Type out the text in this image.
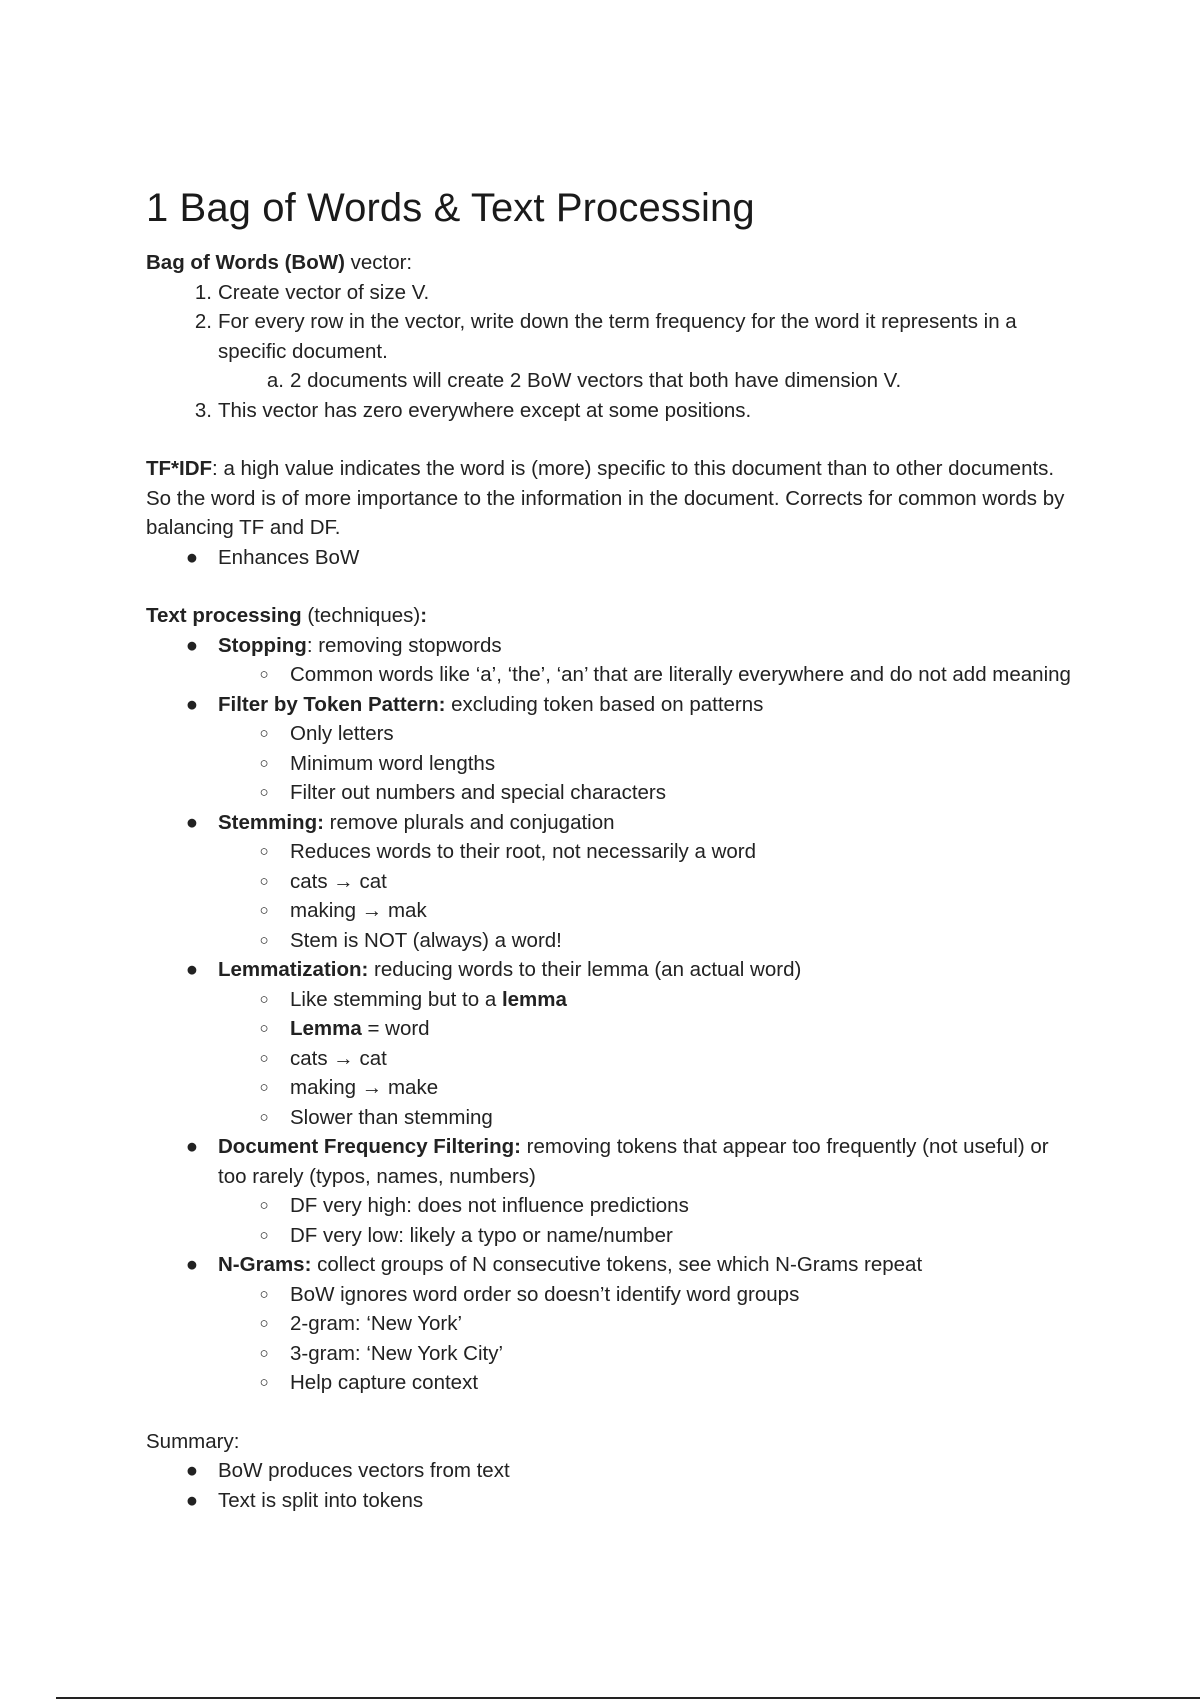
1 Bag of Words & Text Processing

Bag of Words (BoW) vector:

1. Create vector of size V.
2. For every row in the vector, write down the term frequency for the word it represents in a specific document.
a. 2 documents will create 2 BoW vectors that both have dimension V.
3. This vector has zero everywhere except at some positions.

TF*IDF: a high value indicates the word is (more) specific to this document than to other documents. So the word is of more importance to the information in the document. Corrects for common words by balancing TF and DF.

● Enhances BoW

Text processing (techniques):

● Stopping: removing stopwords
○ Common words like ‘a’, ‘the’, ‘an’ that are literally everywhere and do not add meaning
● Filter by Token Pattern: excluding token based on patterns
○ Only letters
○ Minimum word lengths
○ Filter out numbers and special characters
● Stemming: remove plurals and conjugation
○ Reduces words to their root, not necessarily a word
○ cats → cat
○ making → mak
○ Stem is NOT (always) a word!
● Lemmatization: reducing words to their lemma (an actual word)
○ Like stemming but to a lemma
○ Lemma = word
○ cats → cat
○ making → make
○ Slower than stemming
● Document Frequency Filtering: removing tokens that appear too frequently (not useful) or too rarely (typos, names, numbers)
○ DF very high: does not influence predictions
○ DF very low: likely a typo or name/number
● N-Grams: collect groups of N consecutive tokens, see which N-Grams repeat
○ BoW ignores word order so doesn’t identify word groups
○ 2-gram: ‘New York’
○ 3-gram: ‘New York City’
○ Help capture context

Summary:

● BoW produces vectors from text
● Text is split into tokens
